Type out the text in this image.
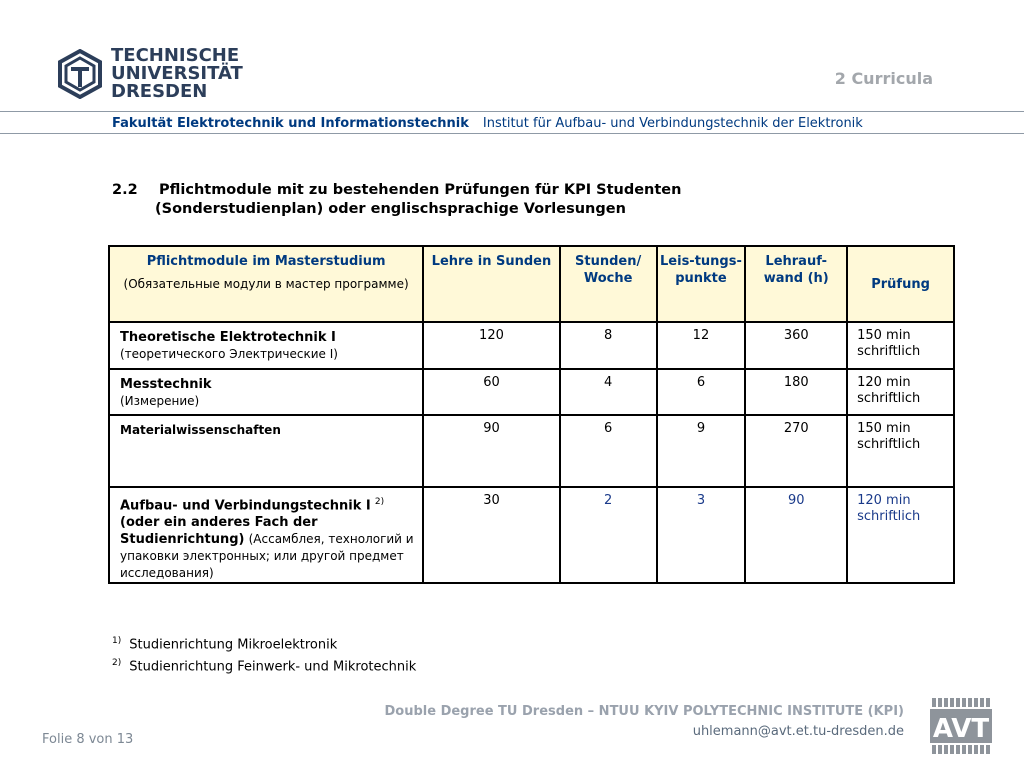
TECHNISCHE
UNIVERSITÄT
DRESDEN
2 Curricula
Fakultät Elektrotechnik und Informationstechnik Institut für Aufbau- und Verbindungstechnik der Elektronik
2.2 Pflichtmodule mit zu bestehenden Prüfungen für KPI Studenten
(Sonderstudienplan) oder englischsprachige Vorlesungen
Pflichtmodule im Masterstudium
(Обязательные модули в мастер программе)	Lehre in Sunden	Stunden/ Woche	Leis-tungs-punkte	Lehrauf-wand (h)	Prüfung
Theoretische Elektrotechnik I
(теоретического Электрические I)	120	8	12	360	150 min schriftlich
Messtechnik
(Измерение)	60	4	6	180	120 min schriftlich
Materialwissenschaften	90	6	9	270	150 min schriftlich
Aufbau- und Verbindungstechnik I $^{2)}$
(oder ein anderes Fach der Studienrichtung) (Ассамблея, технологий и упаковки электронных; или другой предмет исследования)	30	2	3	90	120 min schriftlich
$^{1)}$ Studienrichtung Mikroelektronik
$^{2)}$ Studienrichtung Feinwerk- und Mikrotechnik
Double Degree TU Dresden – NTUU KYIV POLYTECHNIC INSTITUTE (KPI)
uhlemann@avt.et.tu-dresden.de
Folie 8 von 13	AVT
